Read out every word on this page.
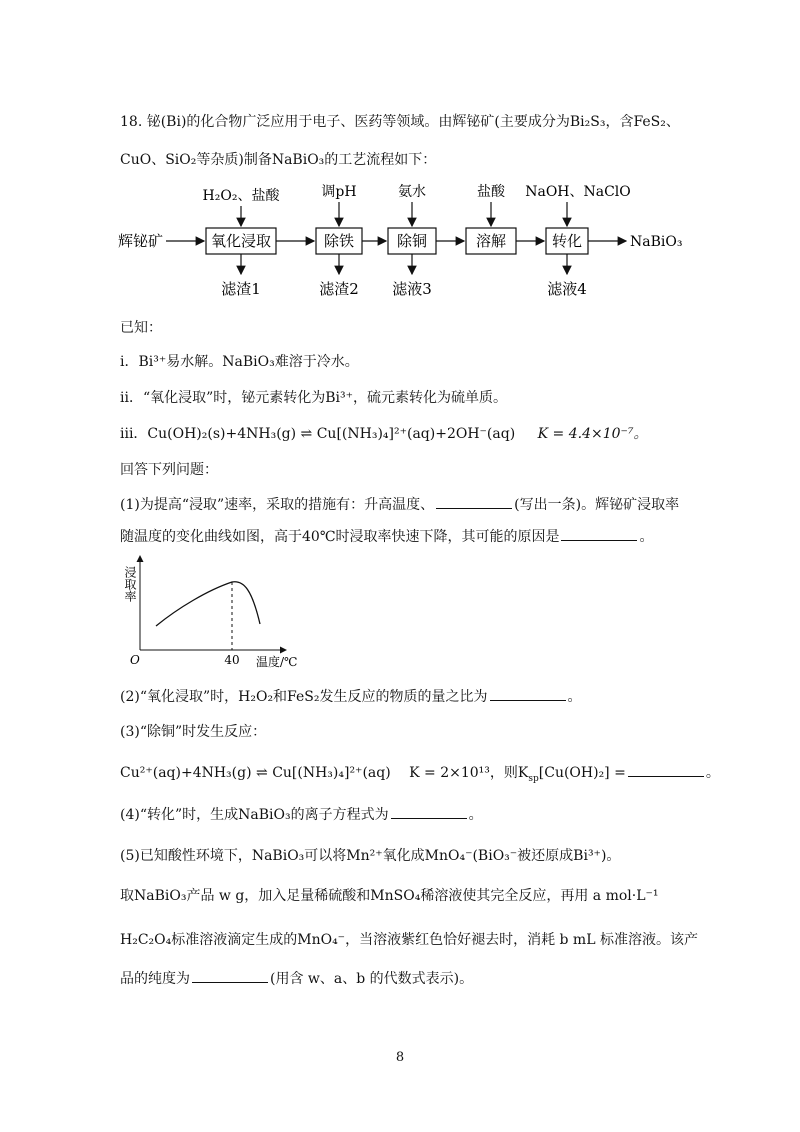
18. 铋(Bi)的化合物广泛应用于电子、医药等领域。由辉铋矿(主要成分为Bi₂S₃，含FeS₂、
CuO、SiO₂等杂质)制备NaBiO₃的工艺流程如下：
辉铋矿	氧化浸取	除铁	除铜	溶解	转化	NaBiO₃
H₂O₂、盐酸	调pH	氨水	盐酸 NaOH、NaClO
滤渣1	滤渣2 滤液3	滤液4
已知：
i．Bi³⁺易水解。NaBiO₃难溶于冷水。
ii．“氧化浸取”时，铋元素转化为Bi³⁺，硫元素转化为硫单质。
iii．Cu(OH)₂(s)+4NH₃(g) ⇌ Cu[(NH₃)₄]²⁺(aq)+2OH⁻(aq) K = 4.4×10⁻⁷。
回答下列问题：
(1)为提高“浸取”速率，采取的措施有：升高温度、	(写出一条)。辉铋矿浸取率
随温度的变化曲线如图，高于40℃时浸取率快速下降，其可能的原因是	。
浸取率
O	40 温度/℃
(2)“氧化浸取”时，H₂O₂和FeS₂发生反应的物质的量之比为	。
(3)“除铜”时发生反应：
Cu²⁺(aq)+4NH₃(g) ⇌ Cu[(NH₃)₄]²⁺(aq) K = 2×10¹³，则$K_{sp}[Cu(OH)_2]$ =	。
(4)“转化”时，生成NaBiO₃的离子方程式为	。
(5)已知酸性环境下，NaBiO₃可以将Mn²⁺氧化成MnO₄⁻(BiO₃⁻被还原成Bi³⁺)。
取NaBiO₃产品 w g，加入足量稀硫酸和MnSO₄稀溶液使其完全反应，再用 a mol·L⁻¹
H₂C₂O₄标准溶液滴定生成的MnO₄⁻，当溶液紫红色恰好褪去时，消耗 b mL 标准溶液。该产
品的纯度为	(用含 w、a、b 的代数式表示)。
8
